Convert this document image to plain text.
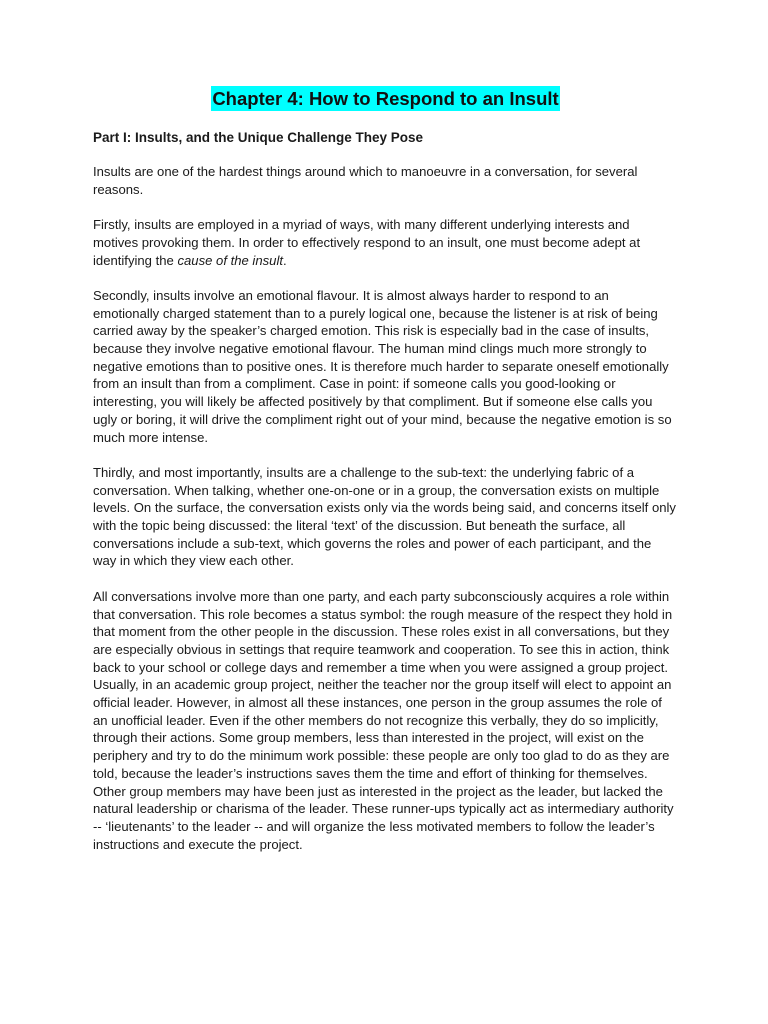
Chapter 4: How to Respond to an Insult
Part I: Insults, and the Unique Challenge They Pose

Insults are one of the hardest things around which to manoeuvre in a conversation, for several reasons.

Firstly, insults are employed in a myriad of ways, with many different underlying interests and motives provoking them. In order to effectively respond to an insult, one must become adept at identifying the cause of the insult.

Secondly, insults involve an emotional flavour. It is almost always harder to respond to an emotionally charged statement than to a purely logical one, because the listener is at risk of being carried away by the speaker’s charged emotion. This risk is especially bad in the case of insults, because they involve negative emotional flavour. The human mind clings much more strongly to negative emotions than to positive ones. It is therefore much harder to separate oneself emotionally from an insult than from a compliment. Case in point: if someone calls you good-looking or interesting, you will likely be affected positively by that compliment. But if someone else calls you ugly or boring, it will drive the compliment right out of your mind, because the negative emotion is so much more intense.

Thirdly, and most importantly, insults are a challenge to the sub-text: the underlying fabric of a conversation. When talking, whether one-on-one or in a group, the conversation exists on multiple levels. On the surface, the conversation exists only via the words being said, and concerns itself only with the topic being discussed: the literal ‘text’ of the discussion. But beneath the surface, all conversations include a sub-text, which governs the roles and power of each participant, and the way in which they view each other.

All conversations involve more than one party, and each party subconsciously acquires a role within that conversation. This role becomes a status symbol: the rough measure of the respect they hold in that moment from the other people in the discussion. These roles exist in all conversations, but they are especially obvious in settings that require teamwork and cooperation. To see this in action, think back to your school or college days and remember a time when you were assigned a group project. Usually, in an academic group project, neither the teacher nor the group itself will elect to appoint an official leader. However, in almost all these instances, one person in the group assumes the role of an unofficial leader. Even if the other members do not recognize this verbally, they do so implicitly, through their actions. Some group members, less than interested in the project, will exist on the periphery and try to do the minimum work possible: these people are only too glad to do as they are told, because the leader’s instructions saves them the time and effort of thinking for themselves. Other group members may have been just as interested in the project as the leader, but lacked the natural leadership or charisma of the leader. These runner-ups typically act as intermediary authority -- ‘lieutenants’ to the leader -- and will organize the less motivated members to follow the leader’s instructions and execute the project.
